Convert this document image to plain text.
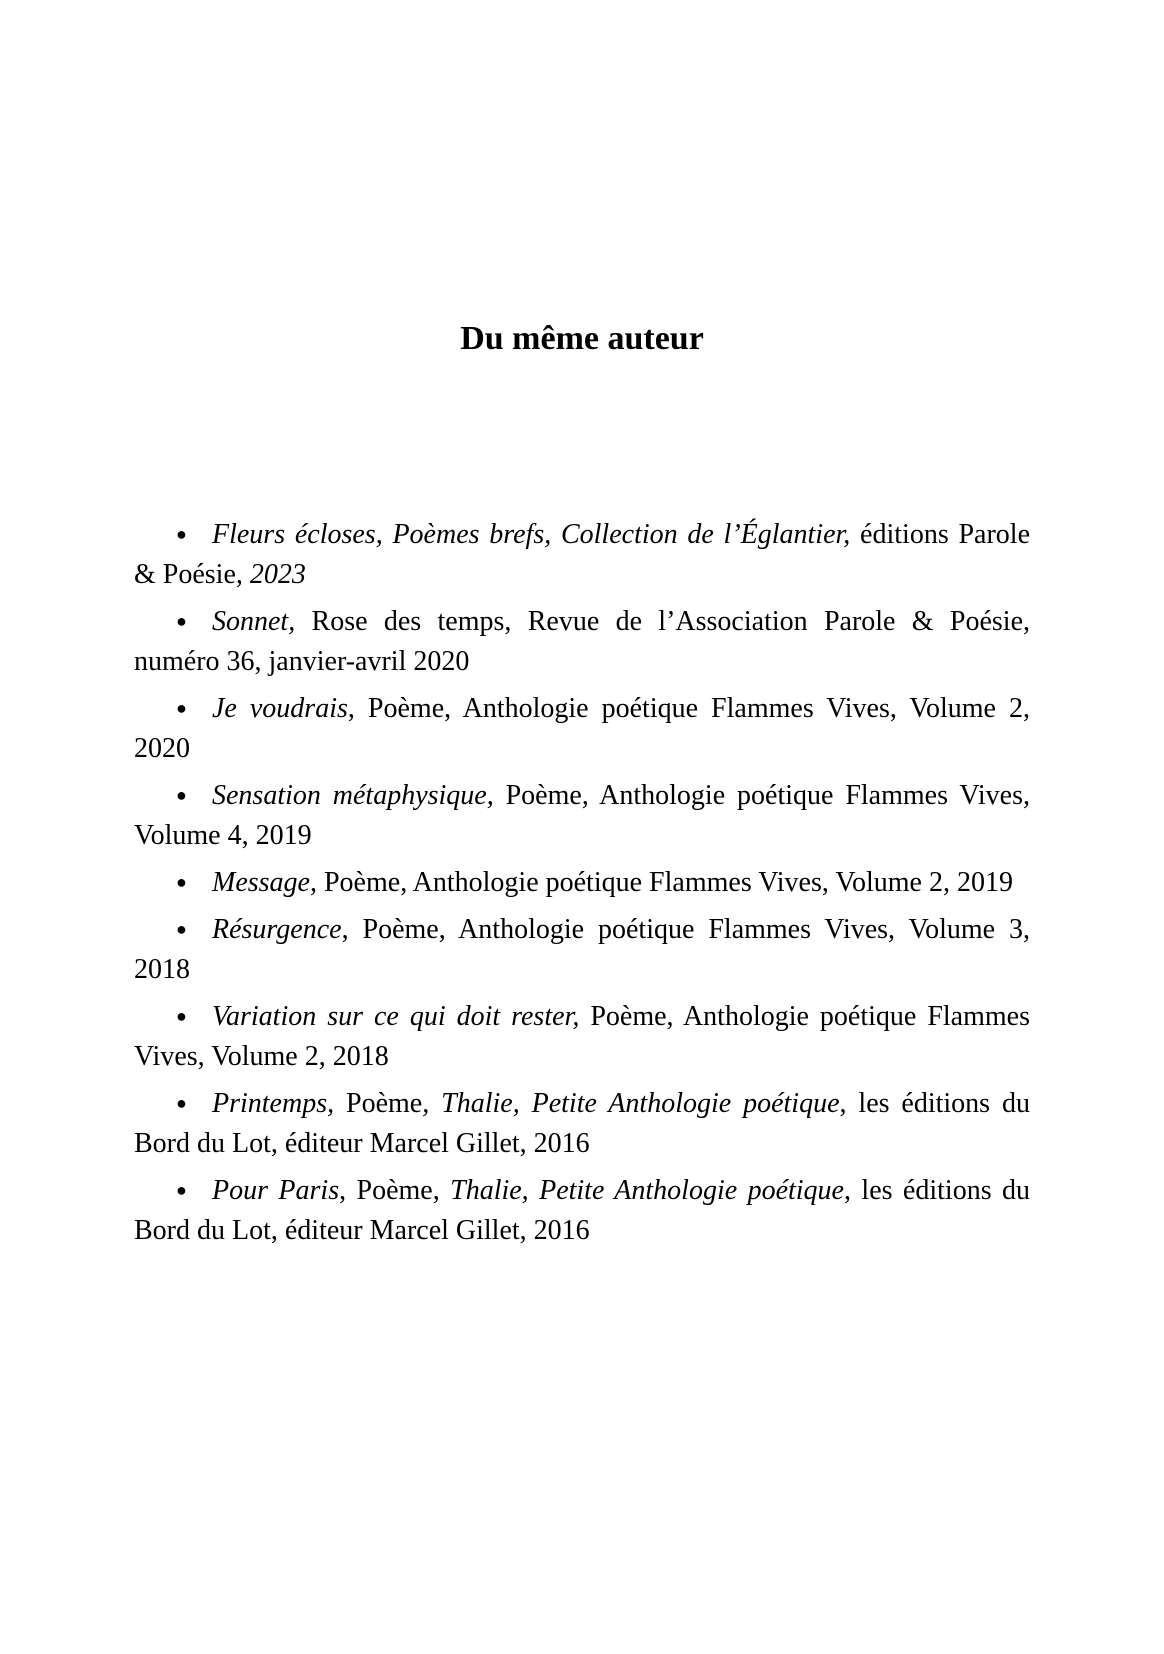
Du même auteur
● Fleurs écloses, Poèmes brefs, Collection de l’Églantier, éditions Parole & Poésie, 2023
● Sonnet, Rose des temps, Revue de l’Association Parole & Poésie, numéro 36, janvier-avril 2020
● Je voudrais, Poème, Anthologie poétique Flammes Vives, Volume 2, 2020
● Sensation métaphysique, Poème, Anthologie poétique Flammes Vives, Volume 4, 2019
● Message, Poème, Anthologie poétique Flammes Vives, Volume 2, 2019
● Résurgence, Poème, Anthologie poétique Flammes Vives, Volume 3, 2018
● Variation sur ce qui doit rester, Poème, Anthologie poétique Flammes Vives, Volume 2, 2018
● Printemps, Poème, Thalie, Petite Anthologie poétique, les éditions du Bord du Lot, éditeur Marcel Gillet, 2016
● Pour Paris, Poème, Thalie, Petite Anthologie poétique, les éditions du Bord du Lot, éditeur Marcel Gillet, 2016
